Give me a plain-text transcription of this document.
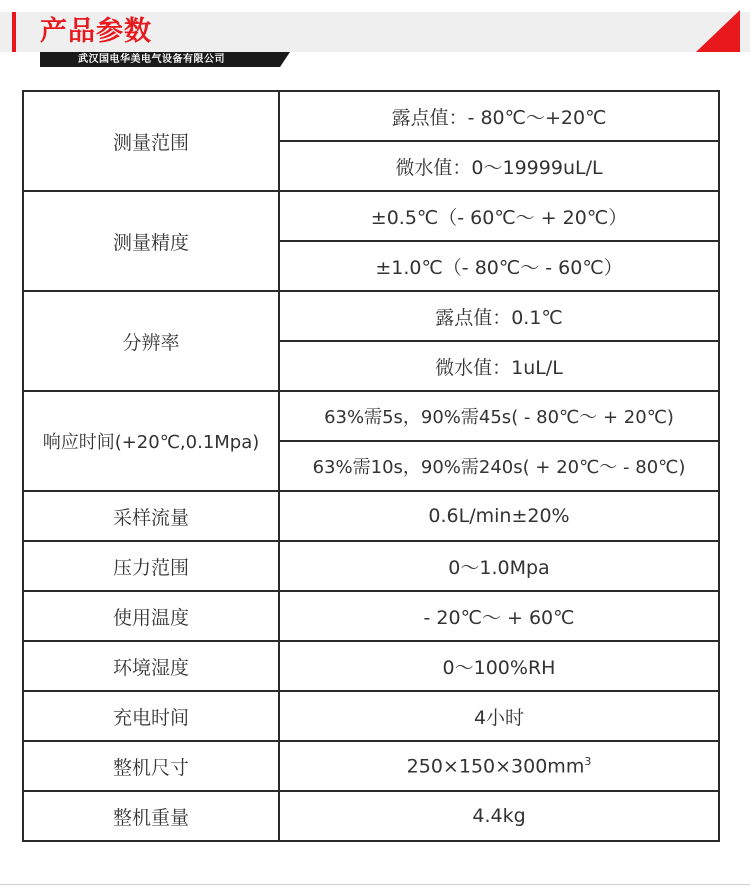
产品参数
武汉国电华美电气设备有限公司
测量范围	露点值：- 80℃～+20℃
	微水值：0～19999uL/L
测量精度	±0.5℃（- 60℃～ + 20℃）
	±1.0℃（- 80℃～ - 60℃）
分辨率	露点值：0.1℃
	微水值：1uL/L
响应时间(+20℃,0.1Mpa)	63%需5s，90%需45s( - 80℃～ + 20℃)
	63%需10s，90%需240s( + 20℃～ - 80℃)
采样流量	0.6L/min±20%
压力范围	0～1.0Mpa
使用温度	- 20℃～ + 60℃
环境湿度	0～100%RH
充电时间	4小时
整机尺寸	$250\times 150\times 300mm^3$
整机重量	4.4kg
